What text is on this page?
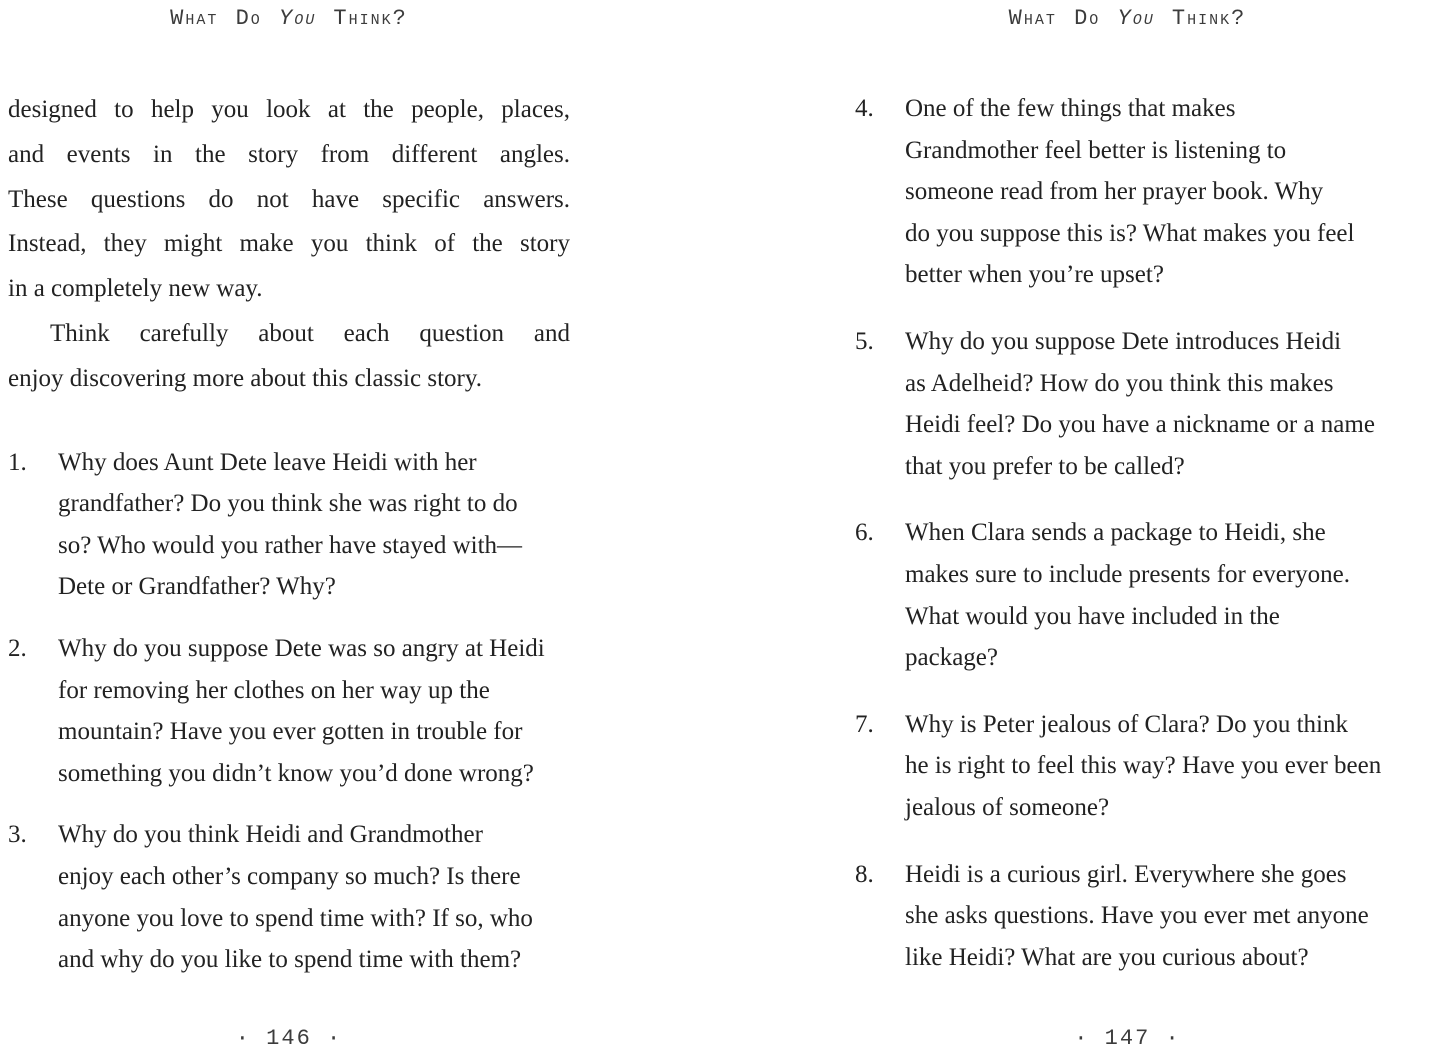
What Do You Think?
designed to help you look at the people, places,
and events in the story from different angles.
These questions do not have specific answers.
Instead, they might make you think of the story
in a completely new way.
Think carefully about each question and
enjoy discovering more about this classic story.
1.	Why does Aunt Dete leave Heidi with her
grandfather? Do you think she was right to do
so? Who would you rather have stayed with—
Dete or Grandfather? Why?
2.	Why do you suppose Dete was so angry at Heidi
for removing her clothes on her way up the
mountain? Have you ever gotten in trouble for
something you didn’t know you’d done wrong?
3.	Why do you think Heidi and Grandmother
enjoy each other’s company so much? Is there
anyone you love to spend time with? If so, who
and why do you like to spend time with them?
· 146 ·
What Do You Think?
4.	One of the few things that makes
Grandmother feel better is listening to
someone read from her prayer book. Why
do you suppose this is? What makes you feel
better when you’re upset?
5.	Why do you suppose Dete introduces Heidi
as Adelheid? How do you think this makes
Heidi feel? Do you have a nickname or a name
that you prefer to be called?
6.	When Clara sends a package to Heidi, she
makes sure to include presents for everyone.
What would you have included in the
package?
7.	Why is Peter jealous of Clara? Do you think
he is right to feel this way? Have you ever been
jealous of someone?
8.	Heidi is a curious girl. Everywhere she goes
she asks questions. Have you ever met anyone
like Heidi? What are you curious about?
· 147 ·
